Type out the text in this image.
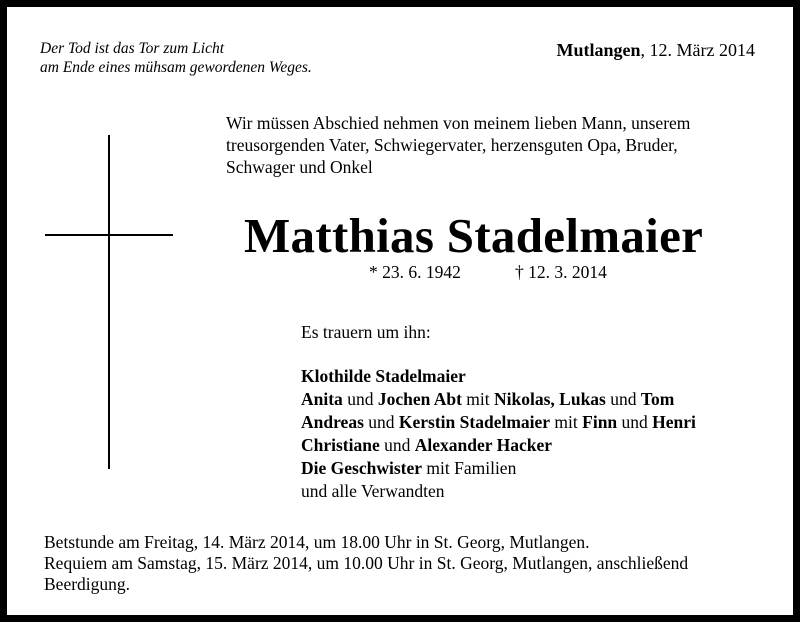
Der Tod ist das Tor zum Licht
am Ende eines mühsam gewordenen Weges.
Mutlangen, 12. März 2014
Wir müssen Abschied nehmen von meinem lieben Mann, unserem
treusorgenden Vater, Schwiegervater, herzensguten Opa, Bruder,
Schwager und Onkel
Matthias Stadelmaier
* 23. 6. 1942	† 12. 3. 2014
Es trauern um ihn:
Klothilde Stadelmaier
Anita und Jochen Abt mit Nikolas, Lukas und Tom
Andreas und Kerstin Stadelmaier mit Finn und Henri
Christiane und Alexander Hacker
Die Geschwister mit Familien
und alle Verwandten
Betstunde am Freitag, 14. März 2014, um 18.00 Uhr in St. Georg, Mutlangen.
Requiem am Samstag, 15. März 2014, um 10.00 Uhr in St. Georg, Mutlangen, anschließend
Beerdigung.
